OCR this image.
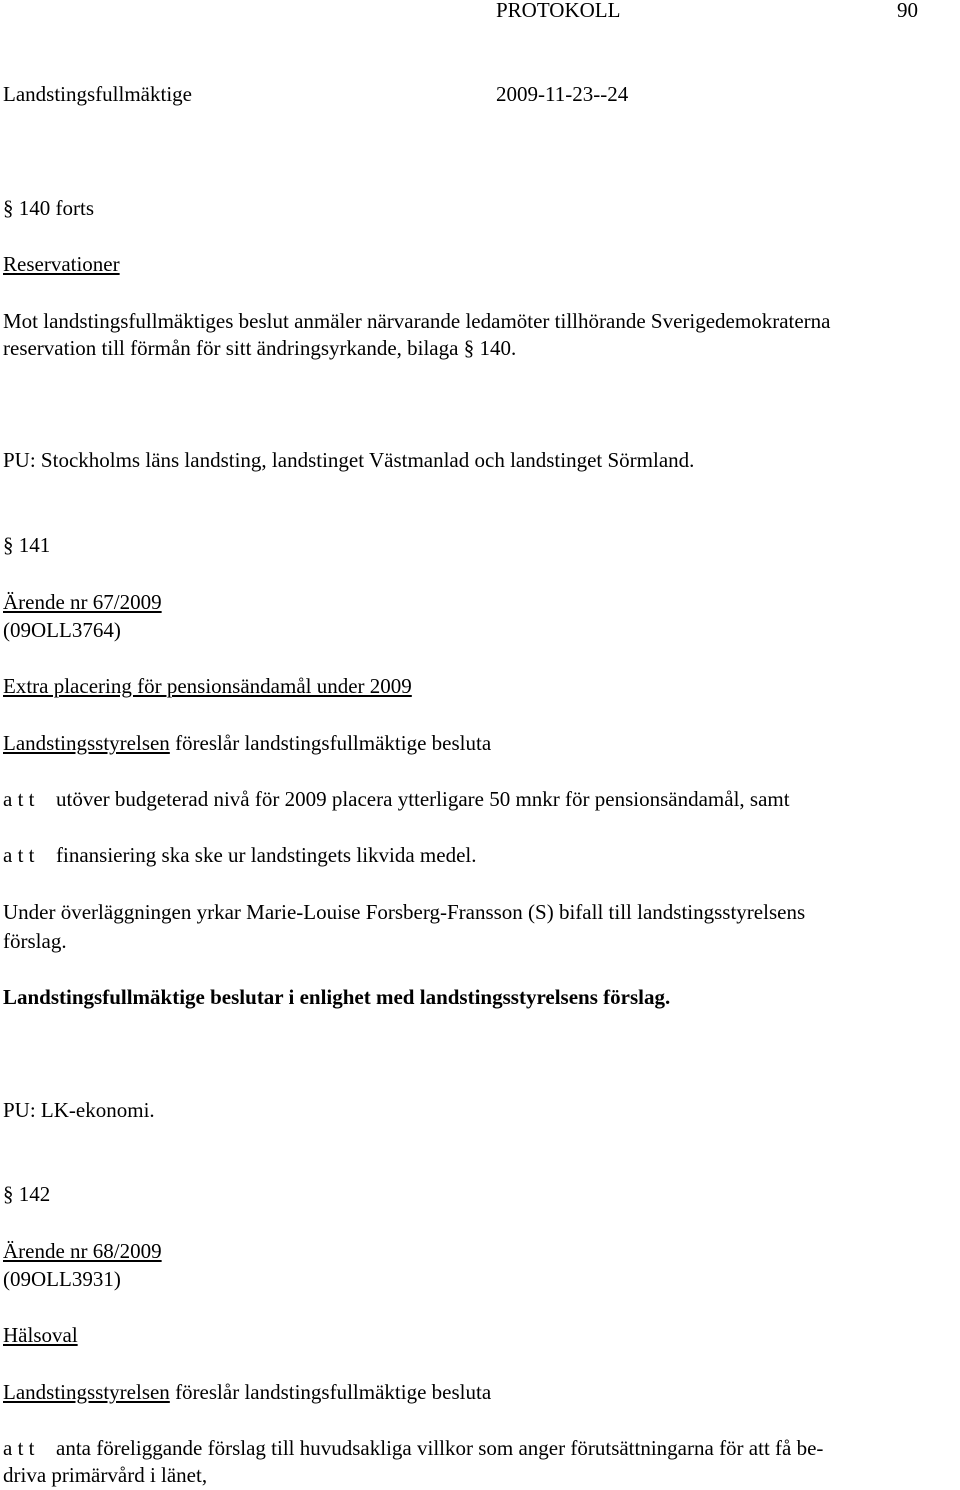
PROTOKOLL	90
Landstingsfullmäktige	2009-11-23--24
§ 140 forts
Reservationer
Mot landstingsfullmäktiges beslut anmäler närvarande ledamöter tillhörande Sverigedemokraterna
reservation till förmån för sitt ändringsyrkande, bilaga § 140.
PU: Stockholms läns landsting, landstinget Västmanlad och landstinget Sörmland.
§ 141
Ärende nr 67/2009
(09OLL3764)
Extra placering för pensionsändamål under 2009
Landstingsstyrelsen föreslår landstingsfullmäktige besluta
a t t	utöver budgeterad nivå för 2009 placera ytterligare 50 mnkr för pensionsändamål, samt
a t t	finansiering ska ske ur landstingets likvida medel.
Under överläggningen yrkar Marie-Louise Forsberg-Fransson (S) bifall till landstingsstyrelsens
förslag.
Landstingsfullmäktige beslutar i enlighet med landstingsstyrelsens förslag.
PU: LK-ekonomi.
§ 142
Ärende nr 68/2009
(09OLL3931)
Hälsoval
Landstingsstyrelsen föreslår landstingsfullmäktige besluta
a t t	anta föreliggande förslag till huvudsakliga villkor som anger förutsättningarna för att få be-
driva primärvård i länet,
